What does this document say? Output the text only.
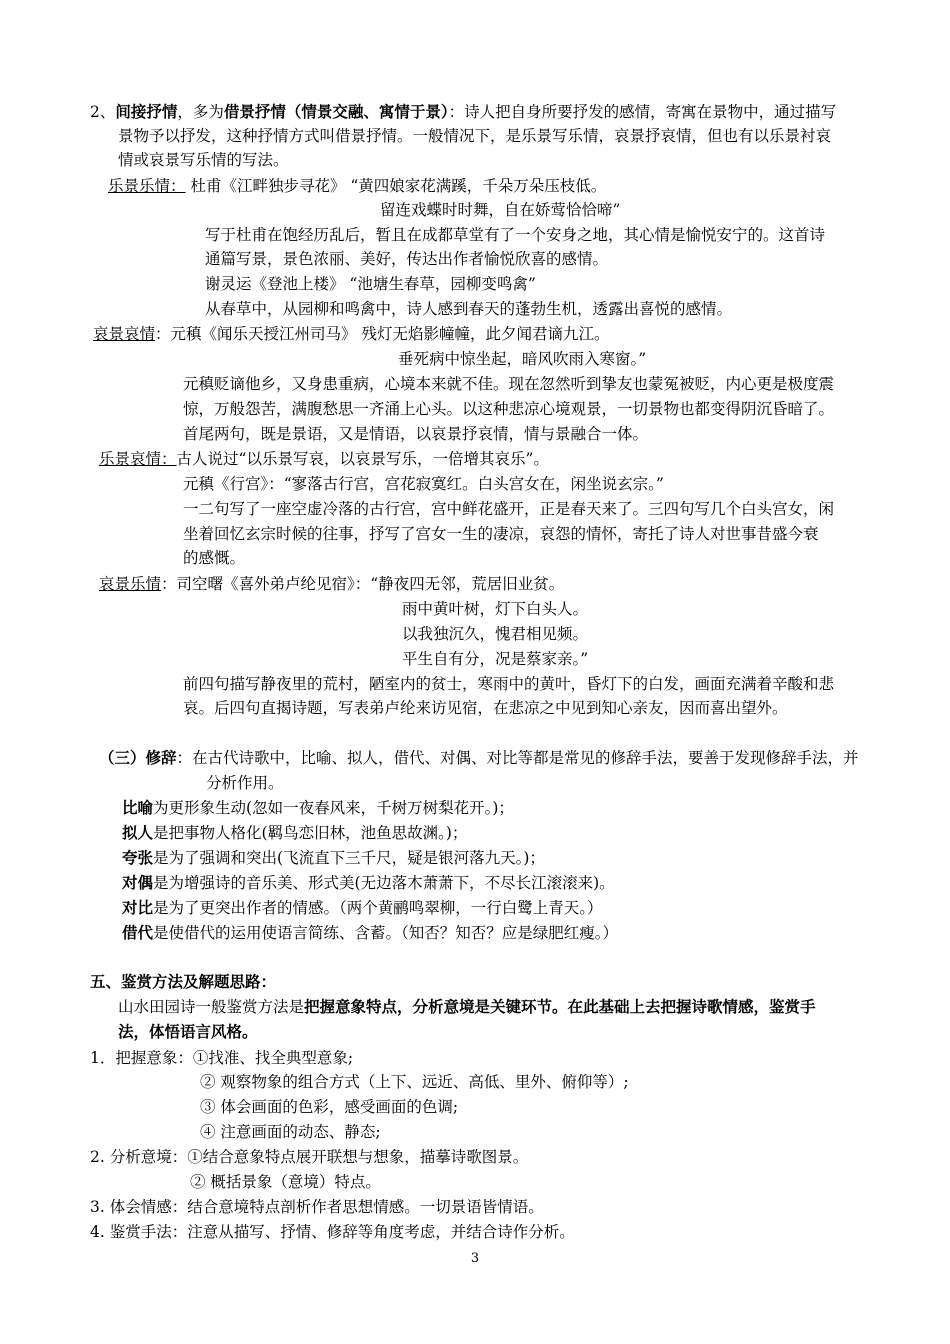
2、间接抒情，多为借景抒情（情景交融、寓情于景）：诗人把自身所要抒发的感情，寄寓在景物中，通过描写
景物予以抒发，这种抒情方式叫借景抒情。一般情况下，是乐景写乐情，哀景抒哀情，但也有以乐景衬哀
情或哀景写乐情的写法。
乐景乐情： 杜甫《江畔独步寻花》 “黄四娘家花满蹊，千朵万朵压枝低。
留连戏蝶时时舞，自在娇莺恰恰啼”
写于杜甫在饱经历乱后，暂且在成都草堂有了一个安身之地，其心情是愉悦安宁的。这首诗
通篇写景，景色浓丽、美好，传达出作者愉悦欣喜的感情。
谢灵运《登池上楼》 “池塘生春草，园柳变鸣禽”
从春草中，从园柳和鸣禽中，诗人感到春天的蓬勃生机，透露出喜悦的感情。
哀景哀情：元稹《闻乐天授江州司马》 残灯无焰影幢幢，此夕闻君谪九江。
垂死病中惊坐起，暗风吹雨入寒窗。”
元稹贬谪他乡，又身患重病，心境本来就不佳。现在忽然听到挚友也蒙冤被贬，内心更是极度震
惊，万般怨苦，满腹愁思一齐涌上心头。以这种悲凉心境观景，一切景物也都变得阴沉昏暗了。
首尾两句，既是景语，又是情语，以哀景抒哀情，情与景融合一体。
乐景哀情：古人说过“以乐景写哀，以哀景写乐，一倍增其哀乐”。
元稹《行宫》：“寥落古行宫，宫花寂寞红。白头宫女在，闲坐说玄宗。”
一二句写了一座空虚冷落的古行宫，宫中鲜花盛开，正是春天来了。三四句写几个白头宫女，闲
坐着回忆玄宗时候的往事，抒写了宫女一生的凄凉，哀怨的情怀，寄托了诗人对世事昔盛今衰
的感慨。
哀景乐情：司空曙《喜外弟卢纶见宿》：“静夜四无邻，荒居旧业贫。
雨中黄叶树，灯下白头人。
以我独沉久，愧君相见频。
平生自有分，况是蔡家亲。”
前四句描写静夜里的荒村，陋室内的贫士，寒雨中的黄叶，昏灯下的白发，画面充满着辛酸和悲
哀。后四句直揭诗题，写表弟卢纶来访见宿，在悲凉之中见到知心亲友，因而喜出望外。
（三）修辞：在古代诗歌中，比喻、拟人，借代、对偶、对比等都是常见的修辞手法，要善于发现修辞手法，并
分析作用。
比喻为更形象生动(忽如一夜春风来，千树万树梨花开。)；
拟人是把事物人格化(羁鸟恋旧林，池鱼思故渊。)；
夸张是为了强调和突出(飞流直下三千尺，疑是银河落九天。)；
对偶是为增强诗的音乐美、形式美(无边落木萧萧下，不尽长江滚滚来)。
对比是为了更突出作者的情感。（两个黄鹂鸣翠柳，一行白鹭上青天。）
借代是使借代的运用使语言简练、含蓄。（知否？知否？应是绿肥红瘦。）
五、鉴赏方法及解题思路：
山水田园诗一般鉴赏方法是把握意象特点，分析意境是关键环节。在此基础上去把握诗歌情感，鉴赏手
法，体悟语言风格。
1．把握意象：①找准、找全典型意象;
② 观察物象的组合方式（上下、远近、高低、里外、俯仰等）;
③ 体会画面的色彩，感受画面的色调;
④ 注意画面的动态、静态;
2. 分析意境：①结合意象特点展开联想与想象，描摹诗歌图景。
② 概括景象（意境）特点。
3. 体会情感：结合意境特点剖析作者思想情感。一切景语皆情语。
4. 鉴赏手法：注意从描写、抒情、修辞等角度考虑，并结合诗作分析。
3
